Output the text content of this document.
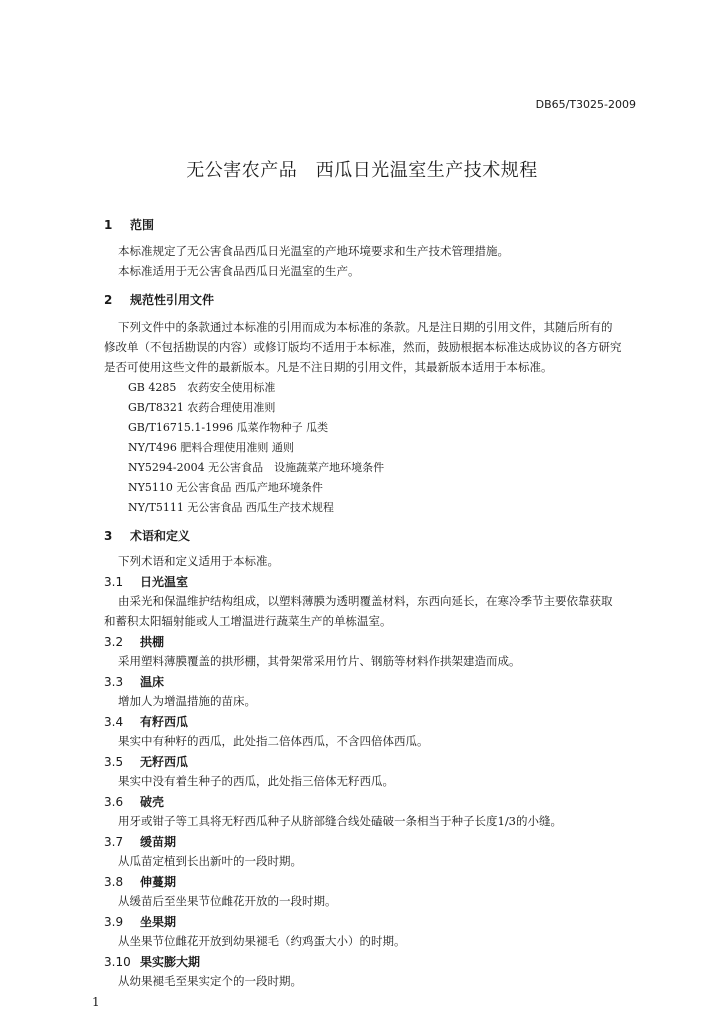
DB65/T3025-2009
无公害农产品　西瓜日光温室生产技术规程
1 范围
本标准规定了无公害食品西瓜日光温室的产地环境要求和生产技术管理措施。
本标准适用于无公害食品西瓜日光温室的生产。
2 规范性引用文件
下列文件中的条款通过本标准的引用而成为本标准的条款。凡是注日期的引用文件，其随后所有的
修改单（不包括勘误的内容）或修订版均不适用于本标准，然而，鼓励根据本标准达成协议的各方研究
是否可使用这些文件的最新版本。凡是不注日期的引用文件，其最新版本适用于本标准。
GB 4285　农药安全使用标准
GB/T8321 农药合理使用准则
GB/T16715.1-1996 瓜菜作物种子 瓜类
NY/T496 肥料合理使用准则 通则
NY5294-2004 无公害食品　设施蔬菜产地环境条件
NY5110 无公害食品 西瓜产地环境条件
NY/T5111 无公害食品 西瓜生产技术规程
3 术语和定义
下列术语和定义适用于本标准。
3.1 日光温室
由采光和保温维护结构组成，以塑料薄膜为透明覆盖材料，东西向延长，在寒冷季节主要依靠获取
和蓄积太阳辐射能或人工增温进行蔬菜生产的单栋温室。
3.2 拱棚
采用塑料薄膜覆盖的拱形棚，其骨架常采用竹片、钢筋等材料作拱架建造而成。
3.3 温床
增加人为增温措施的苗床。
3.4 有籽西瓜
果实中有种籽的西瓜，此处指二倍体西瓜，不含四倍体西瓜。
3.5 无籽西瓜
果实中没有着生种子的西瓜，此处指三倍体无籽西瓜。
3.6 破壳
用牙或钳子等工具将无籽西瓜种子从脐部缝合线处磕破一条相当于种子长度1/3的小缝。
3.7 缓苗期
从瓜苗定植到长出新叶的一段时期。
3.8 伸蔓期
从缓苗后至坐果节位雌花开放的一段时期。
3.9 坐果期
从坐果节位雌花开放到幼果褪毛（约鸡蛋大小）的时期。
3.10 果实膨大期
从幼果褪毛至果实定个的一段时期。
1
